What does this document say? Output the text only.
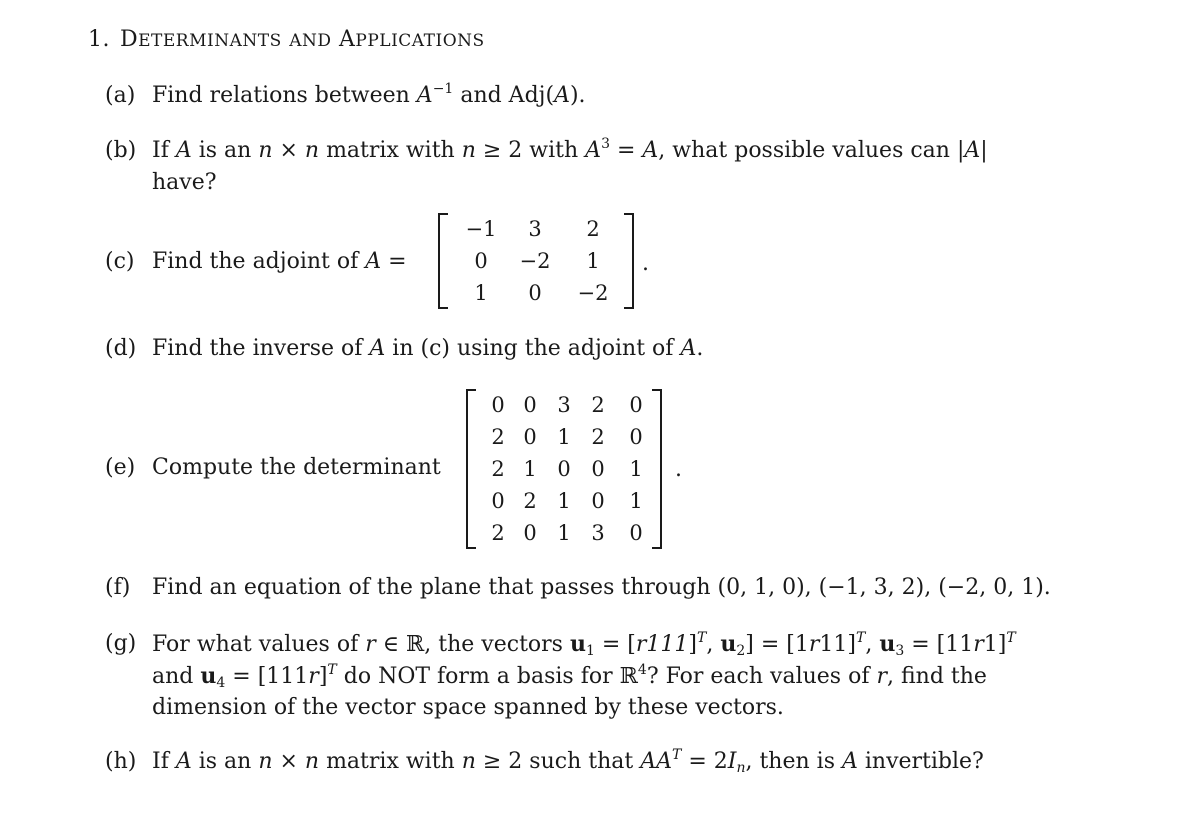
1. DETERMINANTS AND APPLICATIONS
(a) Find relations between $A^{-1}$ and Adj(A).
(b) If A is an n × n matrix with n ≥ 2 with $A^3 = A$, what possible values can |A|
have?
(c) Find the adjoint of A =
−1	3	2
0	−2	1
1	0	−2
.
(d) Find the inverse of A in (c) using the adjoint of A.
(e) Compute the determinant
0 0 3 2 0
2 0 1 2 0
2 1 0 0 1
0 2 1 0 1
2 0 1 3 0
.
(f) Find an equation of the plane that passes through (0, 1, 0), (−1, 3, 2), (−2, 0, 1).
(g) For what values of r ∈ ℝ, the vectors $u_1 = [r111]^T$, $u_2] = [1r11]^T$, $u_3 = [11r1]^T$
and $u_4 = [111r]^T$ do NOT form a basis for ℝ$^4$? For each values of r, find the
dimension of the vector space spanned by these vectors.
(h) If A is an n × n matrix with n ≥ 2 such that $AA^T = 2I_n$, then is A invertible?
